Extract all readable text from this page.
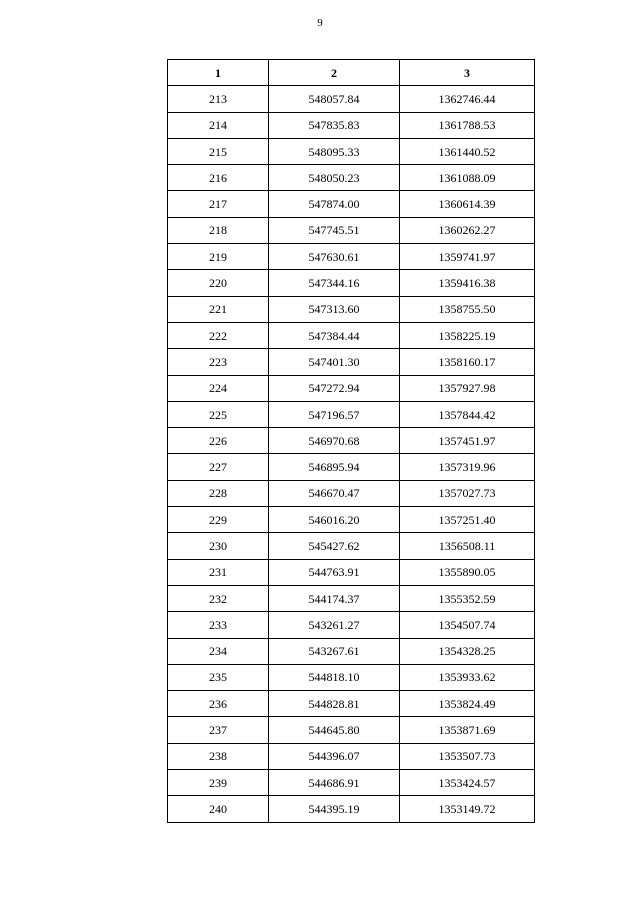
9
1	2	3
213	548057.84	1362746.44
214	547835.83	1361788.53
215	548095.33	1361440.52
216	548050.23	1361088.09
217	547874.00	1360614.39
218	547745.51	1360262.27
219	547630.61	1359741.97
220	547344.16	1359416.38
221	547313.60	1358755.50
222	547384.44	1358225.19
223	547401.30	1358160.17
224	547272.94	1357927.98
225	547196.57	1357844.42
226	546970.68	1357451.97
227	546895.94	1357319.96
228	546670.47	1357027.73
229	546016.20	1357251.40
230	545427.62	1356508.11
231	544763.91	1355890.05
232	544174.37	1355352.59
233	543261.27	1354507.74
234	543267.61	1354328.25
235	544818.10	1353933.62
236	544828.81	1353824.49
237	544645.80	1353871.69
238	544396.07	1353507.73
239	544686.91	1353424.57
240	544395.19	1353149.72
